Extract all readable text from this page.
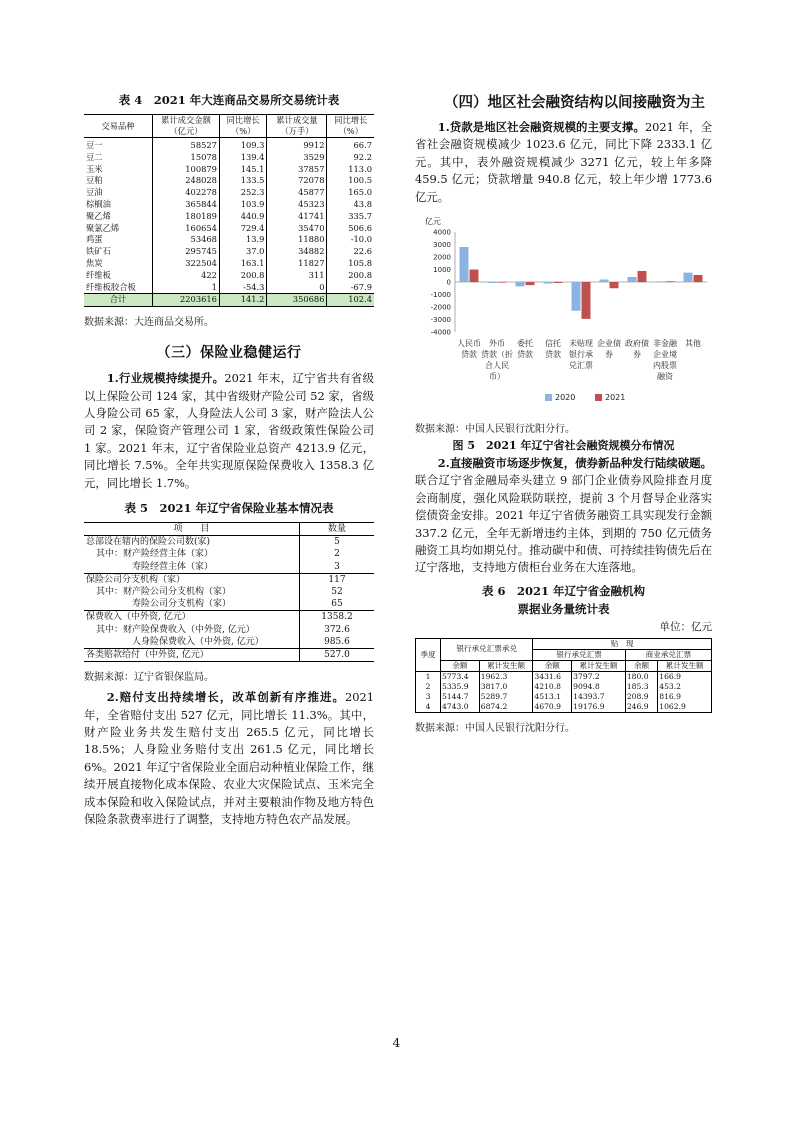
表 4　2021 年大连商品交易所交易统计表
交易品种	累计成交金额（亿元）	同比增长（%）	累计成交量（万手）	同比增长（%）
豆一	58527	109.3	9912	66.7
豆二	15078	139.4	3529	92.2
玉米	100879	145.1	37857	113.0
豆粕	248028	133.5	72078	100.5
豆油	402278	252.3	45877	165.0
棕榈油	365844	103.9	45323	43.8
聚乙烯	180189	440.9	41741	335.7
聚氯乙烯	160654	729.4	35470	506.6
鸡蛋	53468	13.9	11880	-10.0
铁矿石	295745	37.0	34882	22.6
焦炭	322504	163.1	11827	105.8
纤维板	422	200.8	311	200.8
纤维板胶合板	1	-54.3	0	-67.9
合计	2203616	141.2	350686	102.4
数据来源：大连商品交易所。
（三）保险业稳健运行

1.行业规模持续提升。2021 年末，辽宁省共有省级以上保险公司 124 家，其中省级财产险公司 52 家，省级人身险公司 65 家，人身险法人公司 3 家，财产险法人公司 2 家，保险资产管理公司 1 家，省级政策性保险公司 1 家。2021 年末，辽宁省保险业总资产 4213.9 亿元，同比增长 7.5%。全年共实现原保险保费收入 1358.3 亿元，同比增长 1.7%。

表 5　2021 年辽宁省保险业基本情况表
项　　目	数量
总部设在辖内的保险公司数(家)	5
其中：财产险经营主体（家）	2
寿险经营主体（家）	3
保险公司分支机构（家）	117
其中：财产险公司分支机构（家）	52
寿险公司分支机构（家）	65
保费收入（中外资, 亿元）	1358.2
其中：财产险保费收入（中外资, 亿元）	372.6
人身险保费收入（中外资, 亿元）	985.6
各类赔款给付（中外资, 亿元）	527.0
数据来源：辽宁省银保监局。

2.赔付支出持续增长，改革创新有序推进。2021 年，全省赔付支出 527 亿元，同比增长 11.3%。其中，财产险业务共发生赔付支出 265.5 亿元，同比增长 18.5%；人身险业务赔付支出 261.5 亿元，同比增长 6%。2021 年辽宁省保险业全面启动种植业保险工作，继续开展直接物化成本保险、农业大灾保险试点、玉米完全成本保险和收入保险试点，并对主要粮油作物及地方特色保险条款费率进行了调整，支持地方特色农产品发展。

（四）地区社会融资结构以间接融资为主

1.贷款是地区社会融资规模的主要支撑。2021 年，全省社会融资规模减少 1023.6 亿元，同比下降 2333.1 亿元。其中，表外融资规模减少 3271 亿元，较上年多降 459.5 亿元；贷款增量 940.8 亿元，较上年少增 1773.6 亿元。

亿元
4000
3000
2000
1000
0
-1000
-2000
-3000
-4000
人民币
贷款
外币
贷款（折
合人民
币）
委托
贷款
信托
贷款
未贴现
银行承
兑汇票
企业债
券
政府债
券
非金融
企业境
内股票
融资
其他
2020	2021
数据来源：中国人民银行沈阳分行。
图 5　2021 年辽宁省社会融资规模分布情况

2.直接融资市场逐步恢复，债券新品种发行陆续破题。联合辽宁省金融局牵头建立 9 部门企业债券风险排查月度会商制度，强化风险联防联控，提前 3 个月督导企业落实偿债资金安排。2021 年辽宁省债务融资工具实现发行金额 337.2 亿元，全年无新增违约主体，到期的 750 亿元债务融资工具均如期兑付。推动碳中和债、可持续挂钩债先后在辽宁落地，支持地方债柜台业务在大连落地。

表 6　2021 年辽宁省金融机构
票据业务量统计表
单位：亿元
季度	银行承兑汇票承兑		贴　现			
			银行承兑汇票		商业承兑汇票	
	余额	累计发生额	余额	累计发生额	余额	累计发生额
1	5773.4	1962.3	3431.6	3797.2	180.0	166.9
2	5335.9	3817.0	4210.8	9094.8	185.3	453.2
3	5144.7	5289.7	4513.1	14393.7	208.9	816.9
4	4743.0	6874.2	4670.9	19176.9	246.9	1062.9
数据来源：中国人民银行沈阳分行。
4
